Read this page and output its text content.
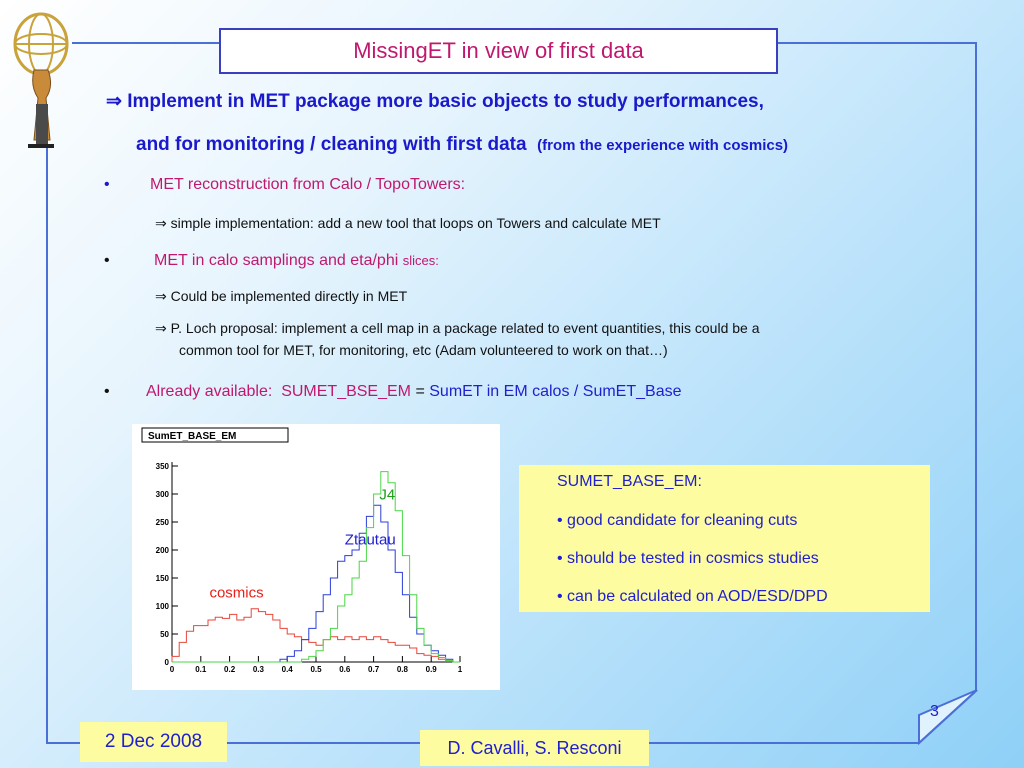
MissingET in view of first data
⇒ Implement in MET package more basic objects to study performances,
and for monitoring / cleaning with first data (from the experience with cosmics)
•	MET reconstruction from Calo / TopoTowers:
⇒ simple implementation: add a new tool that loops on Towers and calculate MET
•	MET in calo samplings and eta/phi slices:
⇒ Could be implemented directly in MET
⇒ P. Loch proposal: implement a cell map in a package related to event quantities, this could be a
common tool for MET, for monitoring, etc (Adam volunteered to work on that…)
• Already available: SUMET_BSE_EM = SumET in EM calos / SumET_Base
SumET_BASE_EM
0
50
100
150
200
250
300
350
0	0.1 0.2 0.3 0.4 0.5 0.6 0.7 0.8 0.9	1
J4
Ztautau
cosmics
SUMET_BASE_EM:
• good candidate for cleaning cuts
• should be tested in cosmics studies
• can be calculated on AOD/ESD/DPD
2 Dec 2008	D. Cavalli, S. Resconi
3
